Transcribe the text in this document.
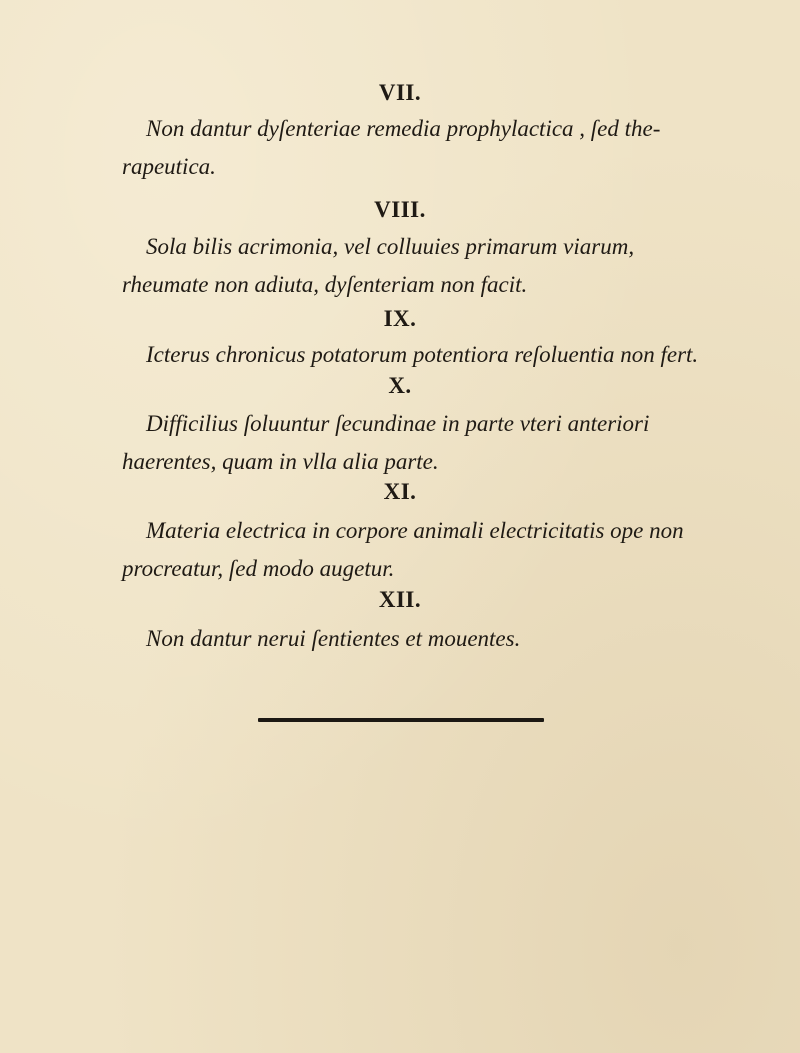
VII.
Non dantur dyſenteriae remedia prophylactica , ſed the-
rapeutica.
VIII.
Sola bilis acrimonia, vel colluuies primarum viarum,
rheumate non adiuta, dyſenteriam non facit.
IX.
Icterus chronicus potatorum potentiora reſoluentia non fert.
X.
Difficilius ſoluuntur ſecundinae in parte vteri anteriori
haerentes, quam in vlla alia parte.
XI.
Materia electrica in corpore animali electricitatis ope non
procreatur, ſed modo augetur.
XII.
Non dantur nerui ſentientes et mouentes.
